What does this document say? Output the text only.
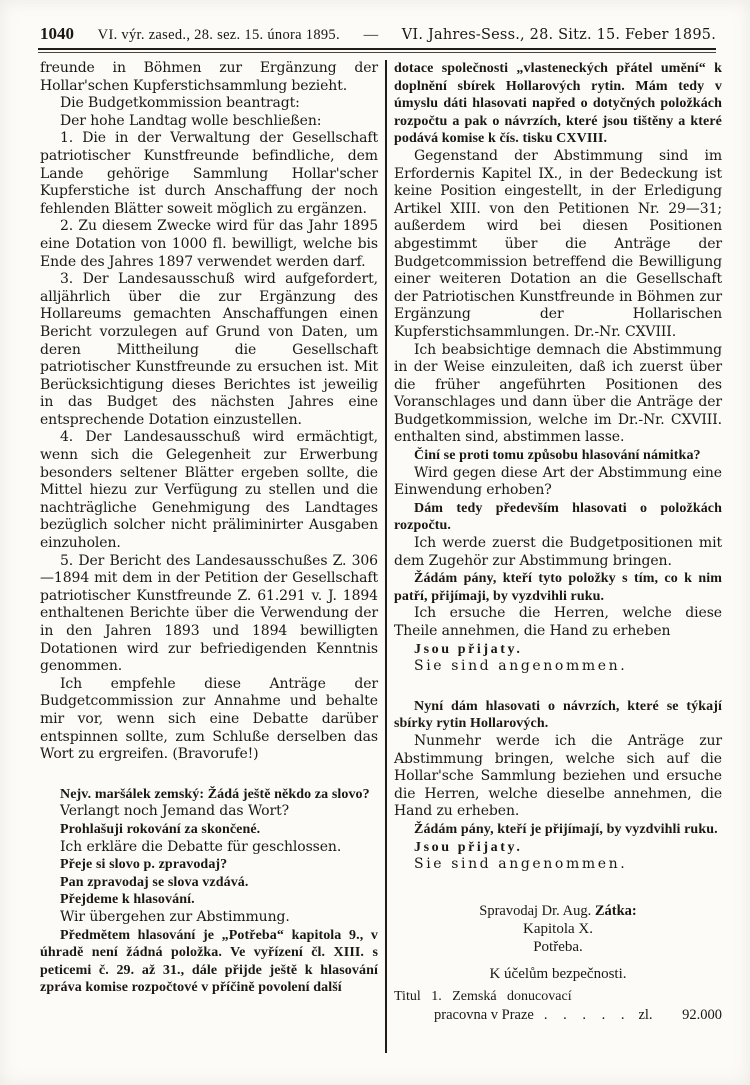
1040 VI. výr. zased., 28. sez. 15. února 1895. — VI. Jahres-Sess., 28. Sitz. 15. Feber 1895.

freunde in Böhmen zur Ergänzung der Hollar'schen Kupferstichsammlung bezieht.

Die Budgetkommission beantragt:

Der hohe Landtag wolle beschließen:

1. Die in der Verwaltung der Gesellschaft patriotischer Kunstfreunde befindliche, dem Lande gehörige Sammlung Hollar'scher Kupferstiche ist durch Anschaffung der noch fehlenden Blätter soweit möglich zu ergänzen.

2. Zu diesem Zwecke wird für das Jahr 1895 eine Dotation von 1000 fl. bewilligt, welche bis Ende des Jahres 1897 verwendet werden darf.

3. Der Landesausschuß wird aufgefordert, alljährlich über die zur Ergänzung des Hollareums gemachten Anschaffungen einen Bericht vorzulegen auf Grund von Daten, um deren Mittheilung die Gesellschaft patriotischer Kunstfreunde zu ersuchen ist. Mit Berücksichtigung dieses Berichtes ist jeweilig in das Budget des nächsten Jahres eine entsprechende Dotation einzustellen.

4. Der Landesausschuß wird ermächtigt, wenn sich die Gelegenheit zur Erwerbung besonders seltener Blätter ergeben sollte, die Mittel hiezu zur Verfügung zu stellen und die nachträgliche Genehmigung des Landtages bezüglich solcher nicht präliminirter Ausgaben einzuholen.

5. Der Bericht des Landesausschußes Z. 306—1894 mit dem in der Petition der Gesellschaft patriotischer Kunstfreunde Z. 61.291 v. J. 1894 enthaltenen Berichte über die Verwendung der in den Jahren 1893 und 1894 bewilligten Dotationen wird zur befriedigenden Kenntnis genommen.

Ich empfehle diese Anträge der Budgetcommission zur Annahme und behalte mir vor, wenn sich eine Debatte darüber entspinnen sollte, zum Schluße derselben das Wort zu ergreifen. (Bravorufe!)

Nejv. maršálek zemský: Žádá ještě někdo za slovo?

Verlangt noch Jemand das Wort?

Prohlašuji rokování za skončené.

Ich erkläre die Debatte für geschlossen.

Přeje si slovo p. zpravodaj?

Pan zpravodaj se slova vzdává.

Přejdeme k hlasování.

Wir übergehen zur Abstimmung.

Předmětem hlasování je „Potřeba“ kapitola 9., v úhradě není žádná položka. Ve vyřízení čl. XIII. s peticemi č. 29. až 31., dále přijde ještě k hlasování zpráva komise rozpočtové v příčině povolení další

dotace společnosti „vlasteneckých přátel umění“ k doplnění sbírek Hollarových rytin. Mám tedy v úmyslu dáti hlasovati napřed o dotyčných položkách rozpočtu a pak o návrzích, které jsou tištěny a které podává komise k čís. tisku CXVIII.

Gegenstand der Abstimmung sind im Erfordernis Kapitel IX., in der Bedeckung ist keine Position eingestellt, in der Erledigung Artikel XIII. von den Petitionen Nr. 29—31; außerdem wird bei diesen Positionen abgestimmt über die Anträge der Budgetcommission betreffend die Bewilligung einer weiteren Dotation an die Gesellschaft der Patriotischen Kunstfreunde in Böhmen zur Ergänzung der Hollarischen Kupferstichsammlungen. Dr.-Nr. CXVIII.

Ich beabsichtige demnach die Abstimmung in der Weise einzuleiten, daß ich zuerst über die früher angeführten Positionen des Voranschlages und dann über die Anträge der Budgetkommission, welche im Dr.-Nr. CXVIII. enthalten sind, abstimmen lasse.

Činí se proti tomu způsobu hlasování námitka?

Wird gegen diese Art der Abstimmung eine Einwendung erhoben?

Dám tedy především hlasovati o položkách rozpočtu.

Ich werde zuerst die Budgetpositionen mit dem Zugehör zur Abstimmung bringen.

Žádám pány, kteří tyto položky s tím, co k nim patří, přijímaji, by vyzdvihli ruku.

Ich ersuche die Herren, welche diese Theile annehmen, die Hand zu erheben

Jsou přijaty.

Sie sind angenommen.

Nyní dám hlasovati o návrzích, které se týkají sbírky rytin Hollarových.

Nunmehr werde ich die Anträge zur Abstimmung bringen, welche sich auf die Hollar'sche Sammlung beziehen und ersuche die Herren, welche dieselbe annehmen, die Hand zu erheben.

Žádám pány, kteří je přijímají, by vyzdvihli ruku.

Jsou přijaty.

Sie sind angenommen.

Spravodaj Dr. Aug. Zátka:

Kapitola X.

Potřeba.

K účelům bezpečnosti.

Titul 1. Zemská donucovací

pracovna v Praze . . . . . zl. 92.000
